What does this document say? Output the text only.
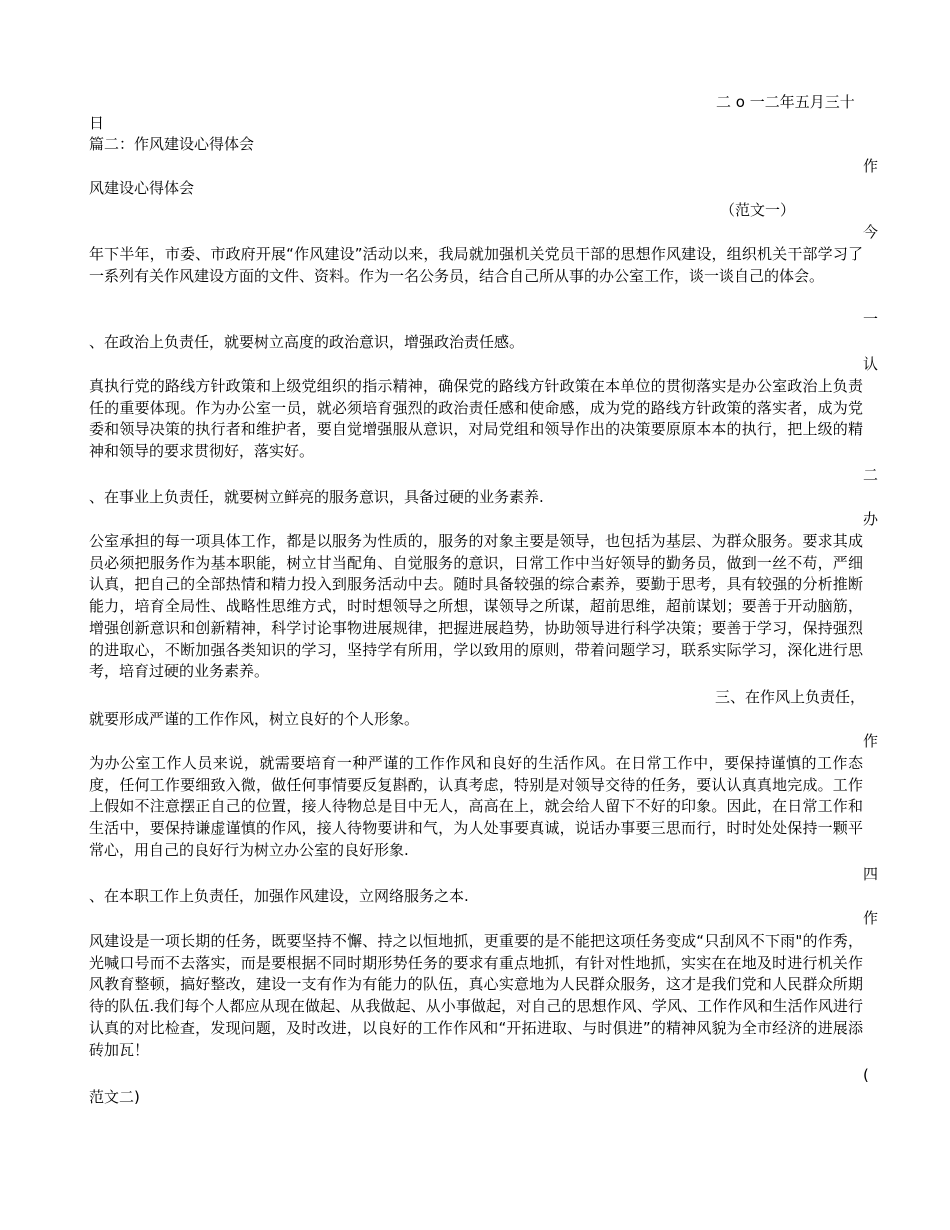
二 o 一二年五月三十
日
篇二：作风建设心得体会
作
风建设心得体会
（范文一）
今

年下半年，市委、市政府开展“作风建设”活动以来，我局就加强机关党员干部的思想作风建设，组织机关干部学习了一系列有关作风建设方面的文件、资料。作为一名公务员，结合自己所从事的办公室工作，谈一谈自己的体会。

一
、在政治上负责任，就要树立高度的政治意识，增强政治责任感。
认

真执行党的路线方针政策和上级党组织的指示精神，确保党的路线方针政策在本单位的贯彻落实是办公室政治上负责任的重要体现。作为办公室一员，就必须培育强烈的政治责任感和使命感，成为党的路线方针政策的落实者，成为党委和领导决策的执行者和维护者，要自觉增强服从意识，对局党组和领导作出的决策要原原本本的执行，把上级的精神和领导的要求贯彻好，落实好。

二
、在事业上负责任，就要树立鲜亮的服务意识，具备过硬的业务素养.
办

公室承担的每一项具体工作，都是以服务为性质的，服务的对象主要是领导，也包括为基层、为群众服务。要求其成员必须把服务作为基本职能，树立甘当配角、自觉服务的意识，日常工作中当好领导的勤务员，做到一丝不苟，严细认真，把自己的全部热情和精力投入到服务活动中去。随时具备较强的综合素养，要勤于思考，具有较强的分析推断能力，培育全局性、战略性思维方式，时时想领导之所想，谋领导之所谋，超前思维，超前谋划；要善于开动脑筋，增强创新意识和创新精神，科学讨论事物进展规律，把握进展趋势，协助领导进行科学决策；要善于学习，保持强烈的进取心，不断加强各类知识的学习，坚持学有所用，学以致用的原则，带着问题学习，联系实际学习，深化进行思考，培育过硬的业务素养。

三、在作风上负责任，
就要形成严谨的工作作风，树立良好的个人形象。
作

为办公室工作人员来说，就需要培育一种严谨的工作作风和良好的生活作风。在日常工作中，要保持谨慎的工作态度，任何工作要细致入微，做任何事情要反复斟酌，认真考虑，特别是对领导交待的任务，要认认真真地完成。工作上假如不注意摆正自己的位置，接人待物总是目中无人，高高在上，就会给人留下不好的印象。因此，在日常工作和生活中，要保持谦虚谨慎的作风，接人待物要讲和气，为人处事要真诚，说话办事要三思而行，时时处处保持一颗平常心，用自己的良好行为树立办公室的良好形象.

四
、在本职工作上负责任，加强作风建设，立网络服务之本.
作

风建设是一项长期的任务，既要坚持不懈、持之以恒地抓，更重要的是不能把这项任务变成“只刮风不下雨"的作秀，光喊口号而不去落实，而是要根据不同时期形势任务的要求有重点地抓，有针对性地抓，实实在在地及时进行机关作风教育整顿，搞好整改，建设一支有作为有能力的队伍，真心实意地为人民群众服务，这才是我们党和人民群众所期待的队伍.我们每个人都应从现在做起、从我做起、从小事做起，对自己的思想作风、学风、工作作风和生活作风进行认真的对比检查，发现问题，及时改进，以良好的工作作风和“开拓进取、与时俱进”的精神风貌为全市经济的进展添砖加瓦！

(
范文二)
